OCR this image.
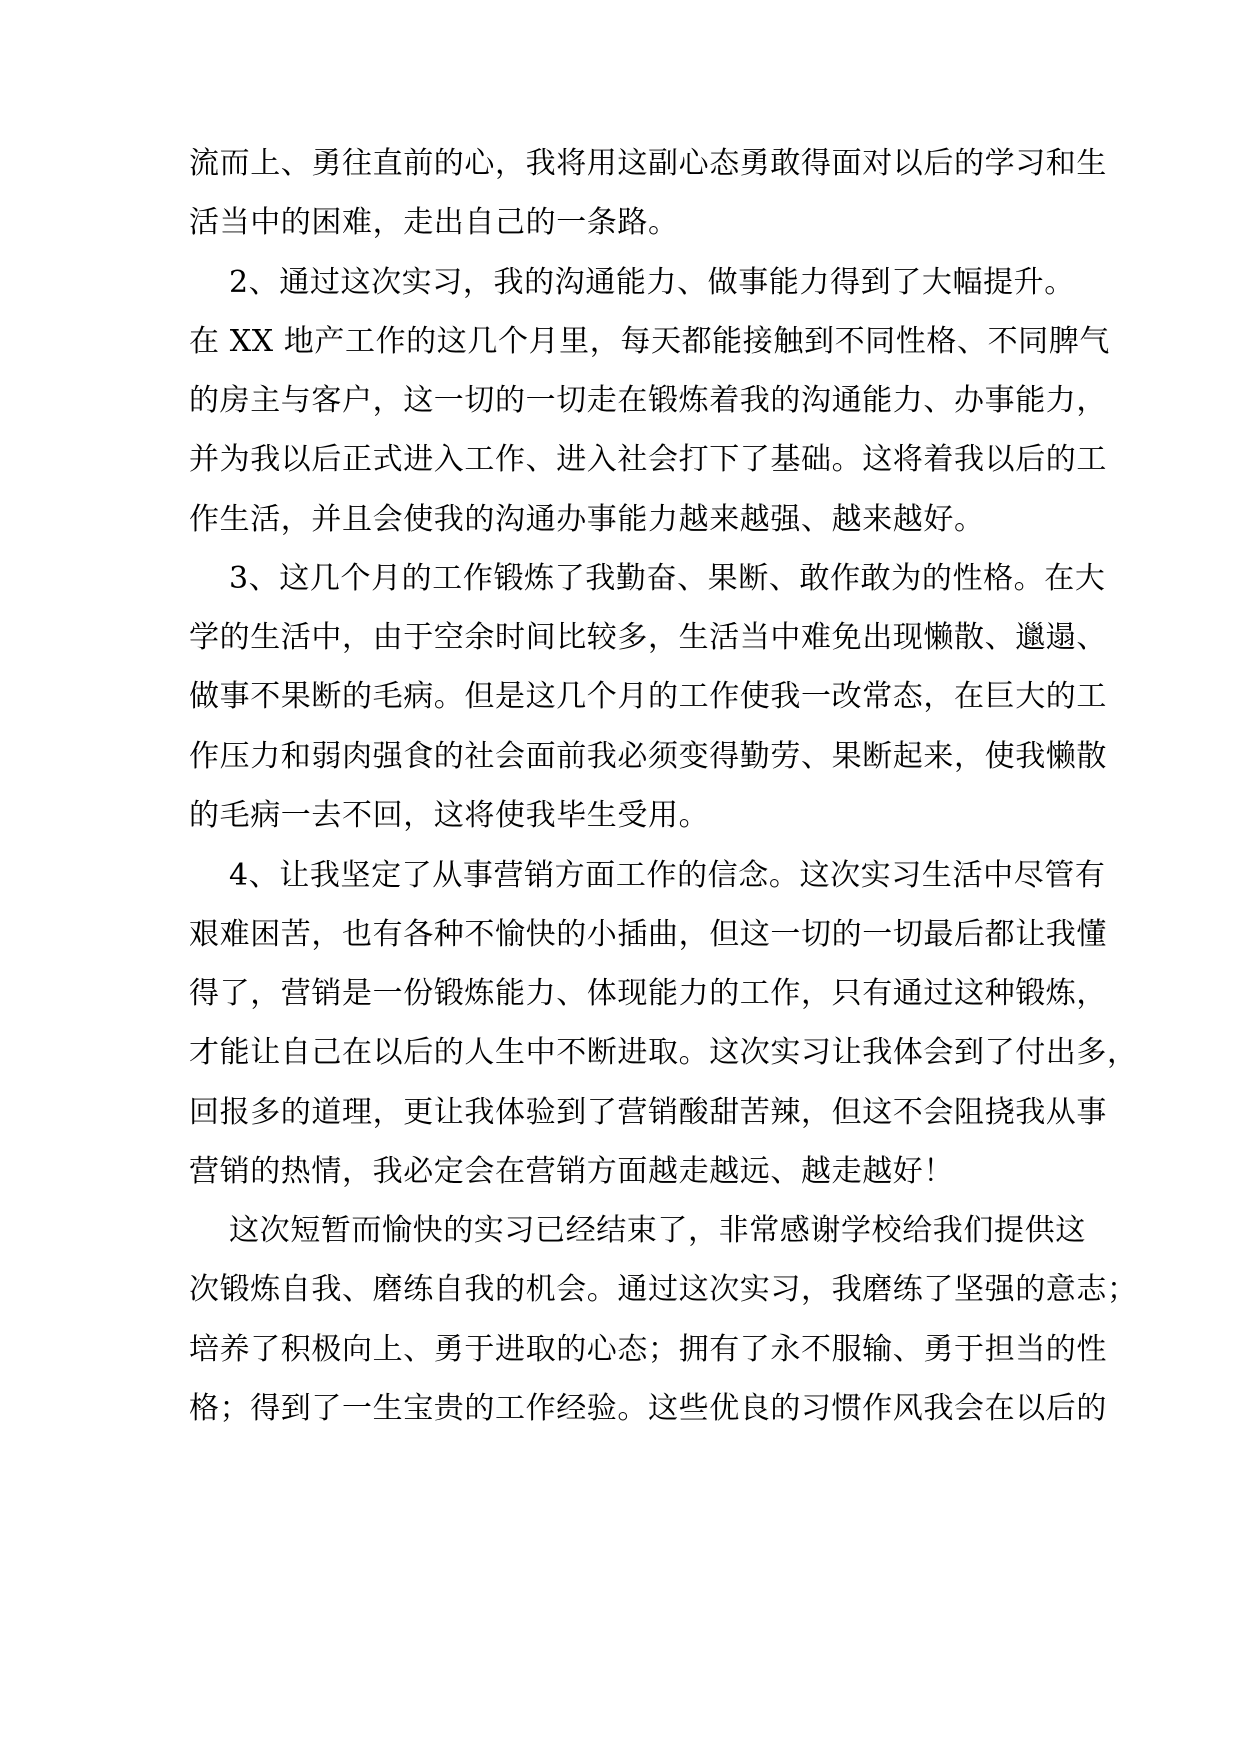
流而上、勇往直前的心，我将用这副心态勇敢得面对以后的学习和生
活当中的困难，走出自己的一条路。
2、通过这次实习，我的沟通能力、做事能力得到了大幅提升。
在 XX 地产工作的这几个月里，每天都能接触到不同性格、不同脾气
的房主与客户，这一切的一切走在锻炼着我的沟通能力、办事能力，
并为我以后正式进入工作、进入社会打下了基础。这将着我以后的工
作生活，并且会使我的沟通办事能力越来越强、越来越好。
3、这几个月的工作锻炼了我勤奋、果断、敢作敢为的性格。在大
学的生活中，由于空余时间比较多，生活当中难免出现懒散、邋遢、
做事不果断的毛病。但是这几个月的工作使我一改常态，在巨大的工
作压力和弱肉强食的社会面前我必须变得勤劳、果断起来，使我懒散
的毛病一去不回，这将使我毕生受用。
4、让我坚定了从事营销方面工作的信念。这次实习生活中尽管有
艰难困苦，也有各种不愉快的小插曲，但这一切的一切最后都让我懂
得了，营销是一份锻炼能力、体现能力的工作，只有通过这种锻炼，
才能让自己在以后的人生中不断进取。这次实习让我体会到了付出多，
回报多的道理，更让我体验到了营销酸甜苦辣，但这不会阻挠我从事
营销的热情，我必定会在营销方面越走越远、越走越好！
这次短暂而愉快的实习已经结束了，非常感谢学校给我们提供这
次锻炼自我、磨练自我的机会。通过这次实习，我磨练了坚强的意志；
培养了积极向上、勇于进取的心态；拥有了永不服输、勇于担当的性
格；得到了一生宝贵的工作经验。这些优良的习惯作风我会在以后的
